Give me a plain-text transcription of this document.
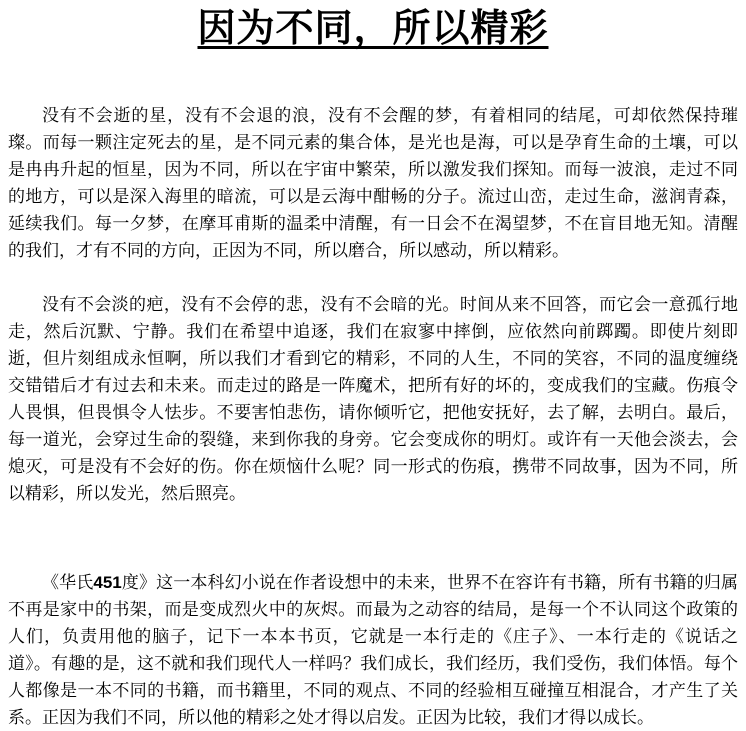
因为不同，所以精彩

没有不会逝的星，没有不会退的浪，没有不会醒的梦，有着相同的结尾，可却依然保持璀璨。而每一颗注定死去的星，是不同元素的集合体，是光也是海，可以是孕育生命的土壤，可以是冉冉升起的恒星，因为不同，所以在宇宙中繁荣，所以激发我们探知。而每一波浪，走过不同的地方，可以是深入海里的暗流，可以是云海中酣畅的分子。流过山峦，走过生命，滋润青森，延续我们。每一夕梦，在摩耳甫斯的温柔中清醒，有一日会不在渴望梦，不在盲目地无知。清醒的我们，才有不同的方向，正因为不同，所以磨合，所以感动，所以精彩。

没有不会淡的疤，没有不会停的悲，没有不会暗的光。时间从来不回答，而它会一意孤行地走，然后沉默、宁静。我们在希望中追逐，我们在寂寥中摔倒，应依然向前踯躅。即使片刻即逝，但片刻组成永恒啊，所以我们才看到它的精彩，不同的人生，不同的笑容，不同的温度缠绕交错错后才有过去和未来。而走过的路是一阵魔术，把所有好的坏的，变成我们的宝藏。伤痕令人畏惧，但畏惧令人怯步。不要害怕悲伤，请你倾听它，把他安抚好，去了解，去明白。最后，每一道光，会穿过生命的裂缝，来到你我的身旁。它会变成你的明灯。或许有一天他会淡去，会熄灭，可是没有不会好的伤。你在烦恼什么呢？同一形式的伤痕，携带不同故事，因为不同，所以精彩，所以发光，然后照亮。

《华氏451度》这一本科幻小说在作者设想中的未来，世界不在容许有书籍，所有书籍的归属不再是家中的书架，而是变成烈火中的灰烬。而最为之动容的结局，是每一个不认同这个政策的人们，负责用他的脑子，记下一本本书页，它就是一本行走的《庄子》、一本行走的《说话之道》。有趣的是，这不就和我们现代人一样吗？我们成长，我们经历，我们受伤，我们体悟。每个人都像是一本不同的书籍，而书籍里，不同的观点、不同的经验相互碰撞互相混合，才产生了关系。正因为我们不同，所以他的精彩之处才得以启发。正因为比较，我们才得以成长。
